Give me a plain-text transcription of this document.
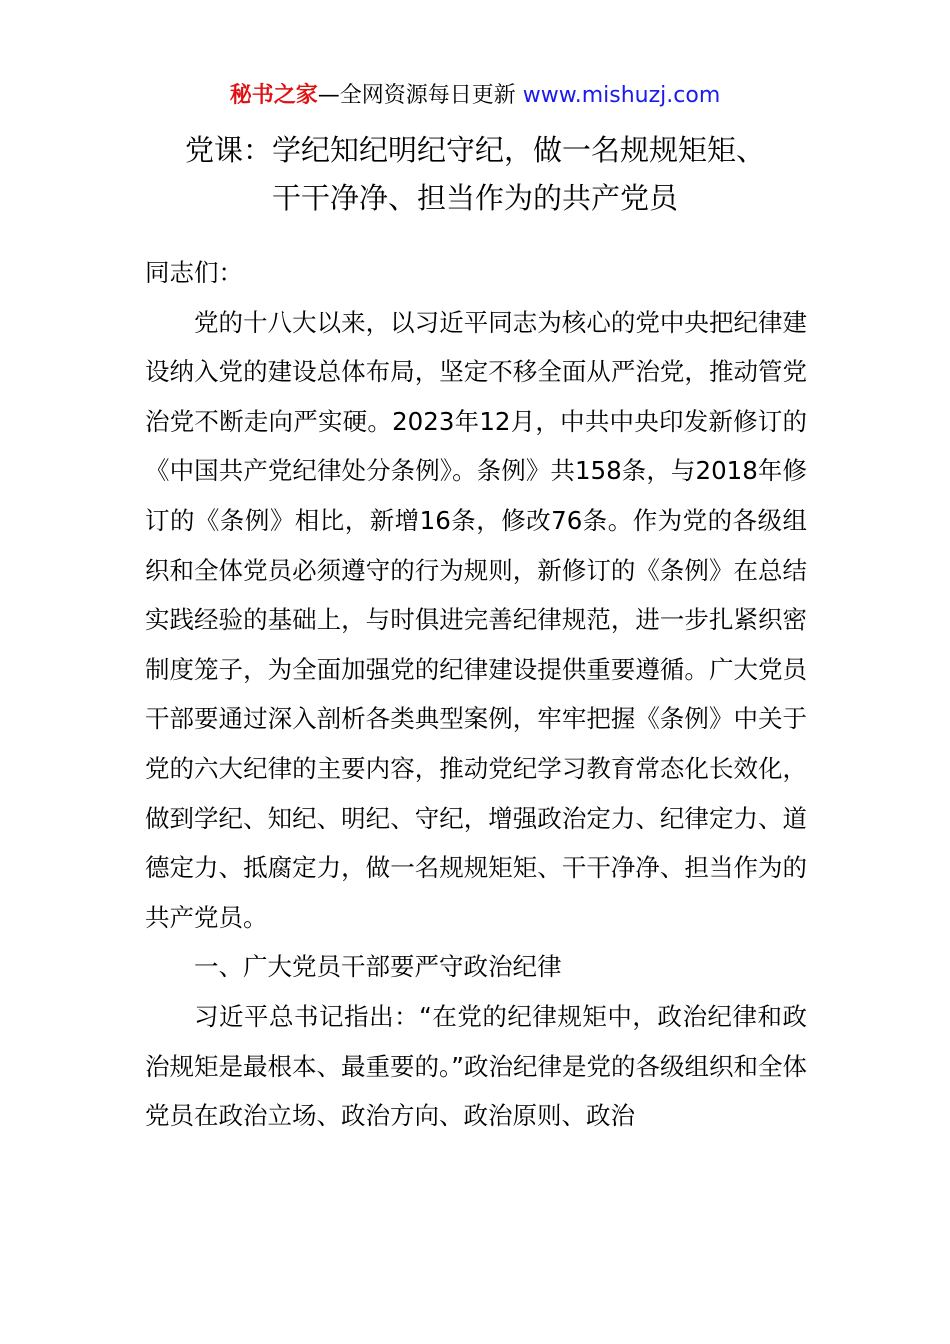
秘书之家—全网资源每日更新 www.mishuzj.com
党课：学纪知纪明纪守纪，做一名规规矩矩、
干干净净、担当作为的共产党员

同志们：

党的十八大以来，以习近平同志为核心的党中央把纪律建设纳入党的建设总体布局，坚定不移全面从严治党，推动管党治党不断走向严实硬。2023年12月，中共中央印发新修订的《中国共产党纪律处分条例》。条例》共158条，与2018年修订的《条例》相比，新增16条，修改76条。作为党的各级组织和全体党员必须遵守的行为规则，新修订的《条例》在总结实践经验的基础上，与时俱进完善纪律规范，进一步扎紧织密制度笼子，为全面加强党的纪律建设提供重要遵循。广大党员干部要通过深入剖析各类典型案例，牢牢把握《条例》中关于党的六大纪律的主要内容，推动党纪学习教育常态化长效化，做到学纪、知纪、明纪、守纪，增强政治定力、纪律定力、道德定力、抵腐定力，做一名规规矩矩、干干净净、担当作为的共产党员。

一、广大党员干部要严守政治纪律

习近平总书记指出：“在党的纪律规矩中，政治纪律和政治规矩是最根本、最重要的。”政治纪律是党的各级组织和全体党员在政治立场、政治方向、政治原则、政治
